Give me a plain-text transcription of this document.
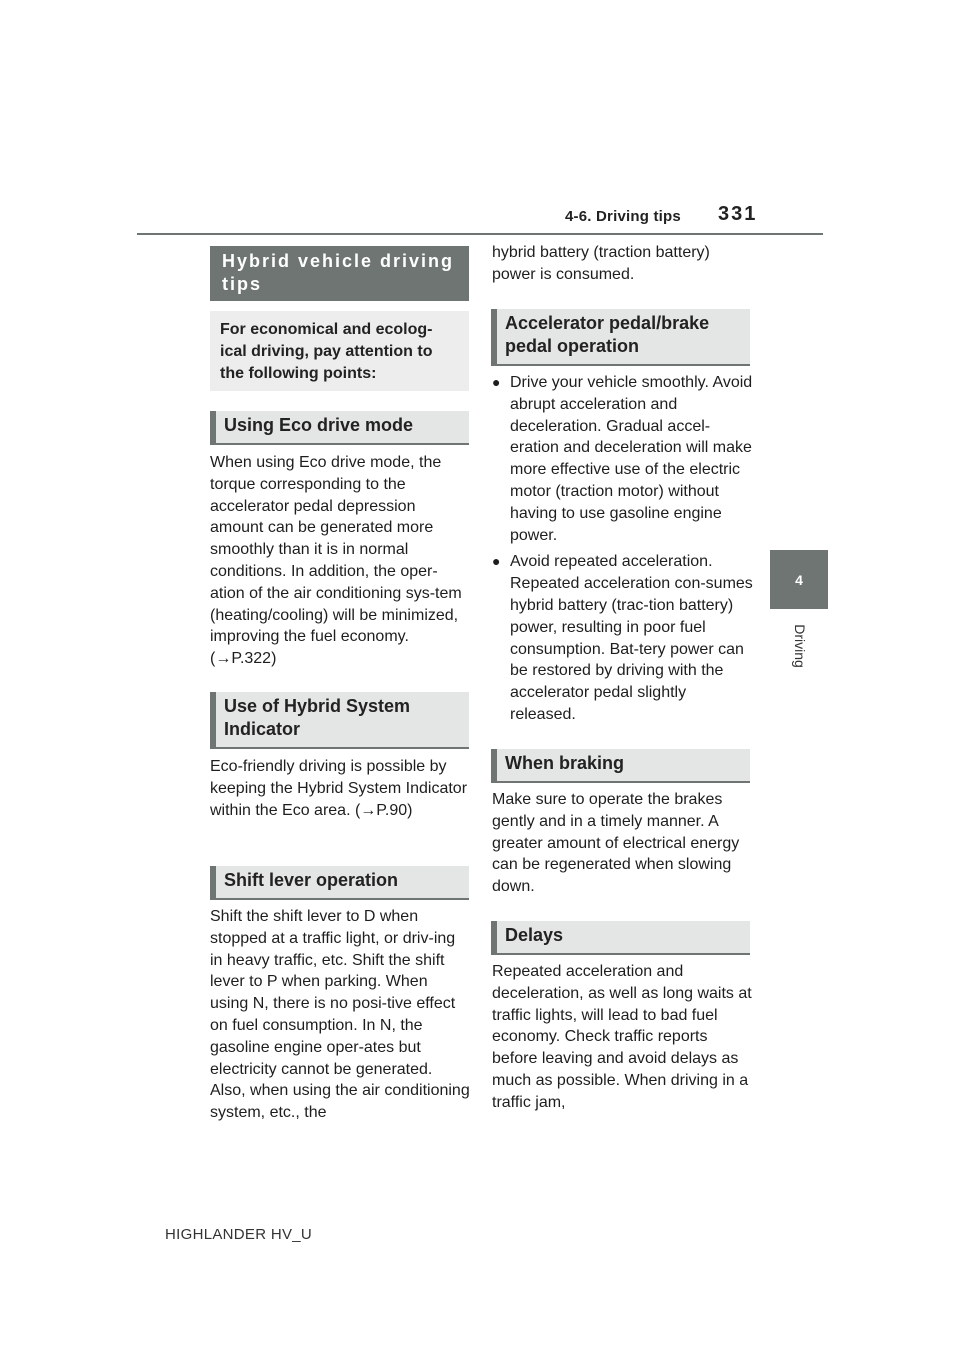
4-6. Driving tips 331
4
Driving
Hybrid vehicle driving tips
For economical and ecolog-ical driving, pay attention to the following points:
Using Eco drive mode
When using Eco drive mode, the torque corresponding to the accelerator pedal depression amount can be generated more smoothly than it is in normal conditions. In addition, the oper-ation of the air conditioning sys-tem (heating/cooling) will be minimized, improving the fuel economy. (→P.322)
Use of Hybrid System Indicator
Eco-friendly driving is possible by keeping the Hybrid System Indicator within the Eco area. (→P.90)
Shift lever operation
Shift the shift lever to D when stopped at a traffic light, or driv-ing in heavy traffic, etc. Shift the shift lever to P when parking. When using N, there is no posi-tive effect on fuel consumption. In N, the gasoline engine oper-ates but electricity cannot be generated. Also, when using the air conditioning system, etc., the
hybrid battery (traction battery) power is consumed.
Accelerator pedal/brake pedal operation
● Drive your vehicle smoothly. Avoid abrupt acceleration and deceleration. Gradual accel-eration and deceleration will make more effective use of the electric motor (traction motor) without having to use gasoline engine power.
● Avoid repeated acceleration. Repeated acceleration con-sumes hybrid battery (trac-tion battery) power, resulting in poor fuel consumption. Bat-tery power can be restored by driving with the accelerator pedal slightly released.
When braking
Make sure to operate the brakes gently and in a timely manner. A greater amount of electrical energy can be regenerated when slowing down.
Delays
Repeated acceleration and deceleration, as well as long waits at traffic lights, will lead to bad fuel economy. Check traffic reports before leaving and avoid delays as much as possible. When driving in a traffic jam,
HIGHLANDER HV_U
